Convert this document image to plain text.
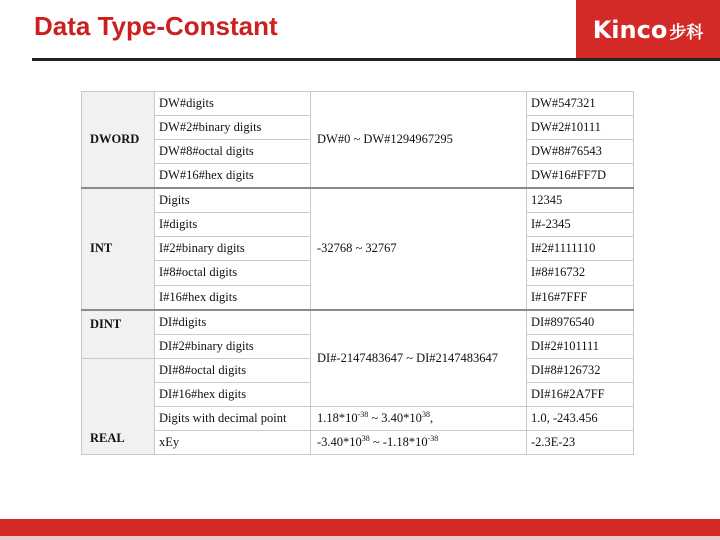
Data Type-Constant	Kinco 步科
DWORD	DW#digits	DW#0 ~ DW#1294967295	DW#547321
	DW#2#binary digits		DW#2#10111
	DW#8#octal digits		DW#8#76543
	DW#16#hex digits		DW#16#FF7D
INT	Digits	-32768 ~ 32767	12345
	I#digits		I#-2345
	I#2#binary digits		I#2#1111110
	I#8#octal digits		I#8#16732
	I#16#hex digits		I#16#7FFF
DINT	DI#digits	DI#-2147483647 ~ DI#2147483647	DI#8976540
	DI#2#binary digits		DI#2#101111
REAL	DI#8#octal digits		DI#8#126732
	DI#16#hex digits		DI#16#2A7FF
	Digits with decimal point	$1.18*10^{-38}$ ~ $3.40*10^{38}$,	1.0, -243.456
	xEy	$-3.40*10^{38}$ ~ $-1.18*10^{-38}$	-2.3E-23
